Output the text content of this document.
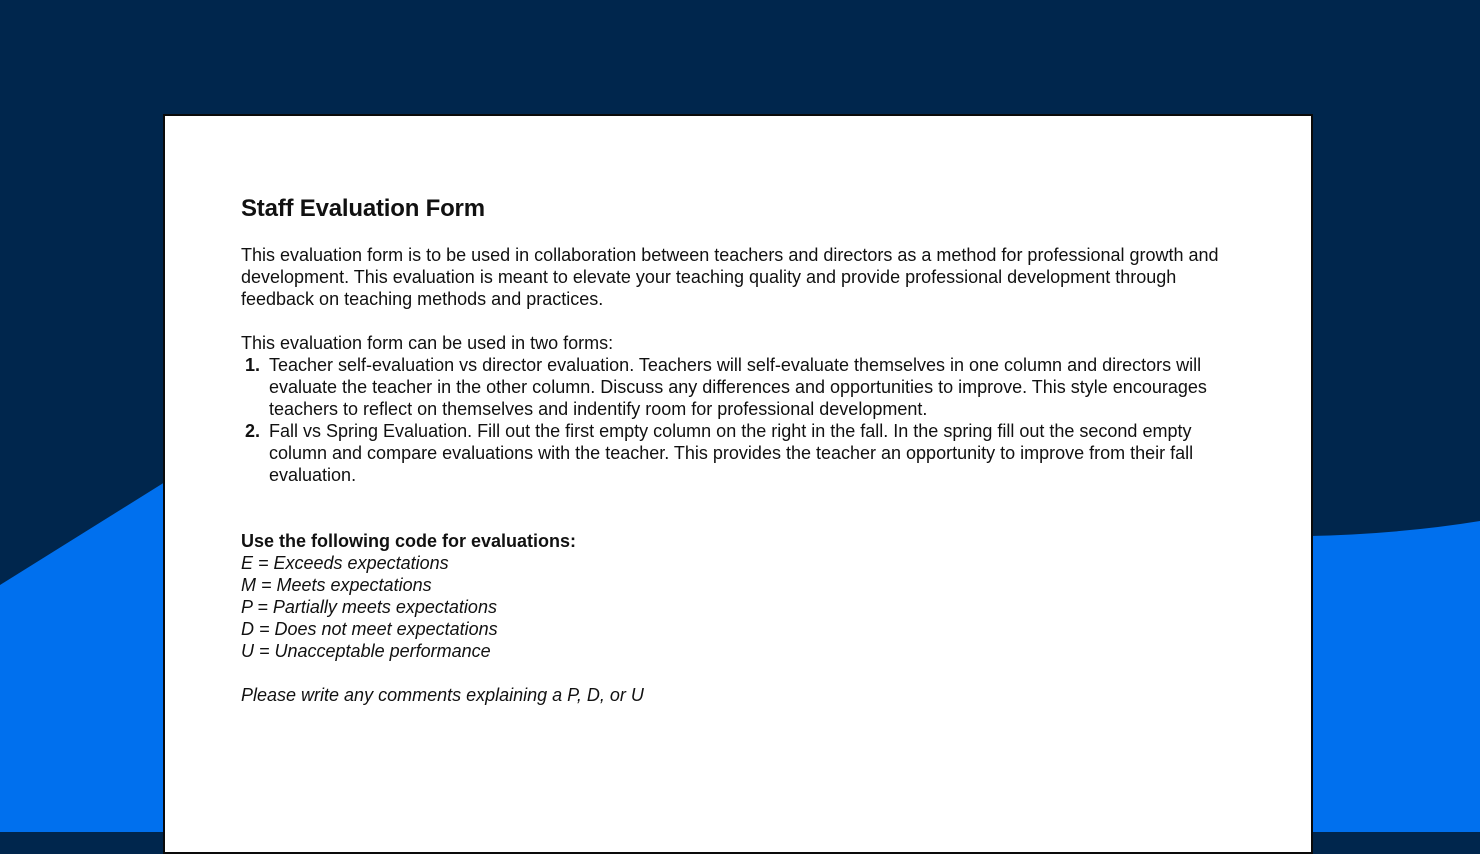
Staff Evaluation Form

This evaluation form is to be used in collaboration between teachers and directors as a method for professional growth and development. This evaluation is meant to elevate your teaching quality and provide professional development through feedback on teaching methods and practices.

This evaluation form can be used in two forms:

1. Teacher self-evaluation vs director evaluation. Teachers will self-evaluate themselves in one column and directors will evaluate the teacher in the other column. Discuss any differences and opportunities to improve. This style encourages teachers to reflect on themselves and indentify room for professional development.
2. Fall vs Spring Evaluation. Fill out the first empty column on the right in the fall. In the spring fill out the second empty column and compare evaluations with the teacher. This provides the teacher an opportunity to improve from their fall evaluation.

Use the following code for evaluations:

E = Exceeds expectations

M = Meets expectations

P = Partially meets expectations

D = Does not meet expectations

U = Unacceptable performance

Please write any comments explaining a P, D, or U
